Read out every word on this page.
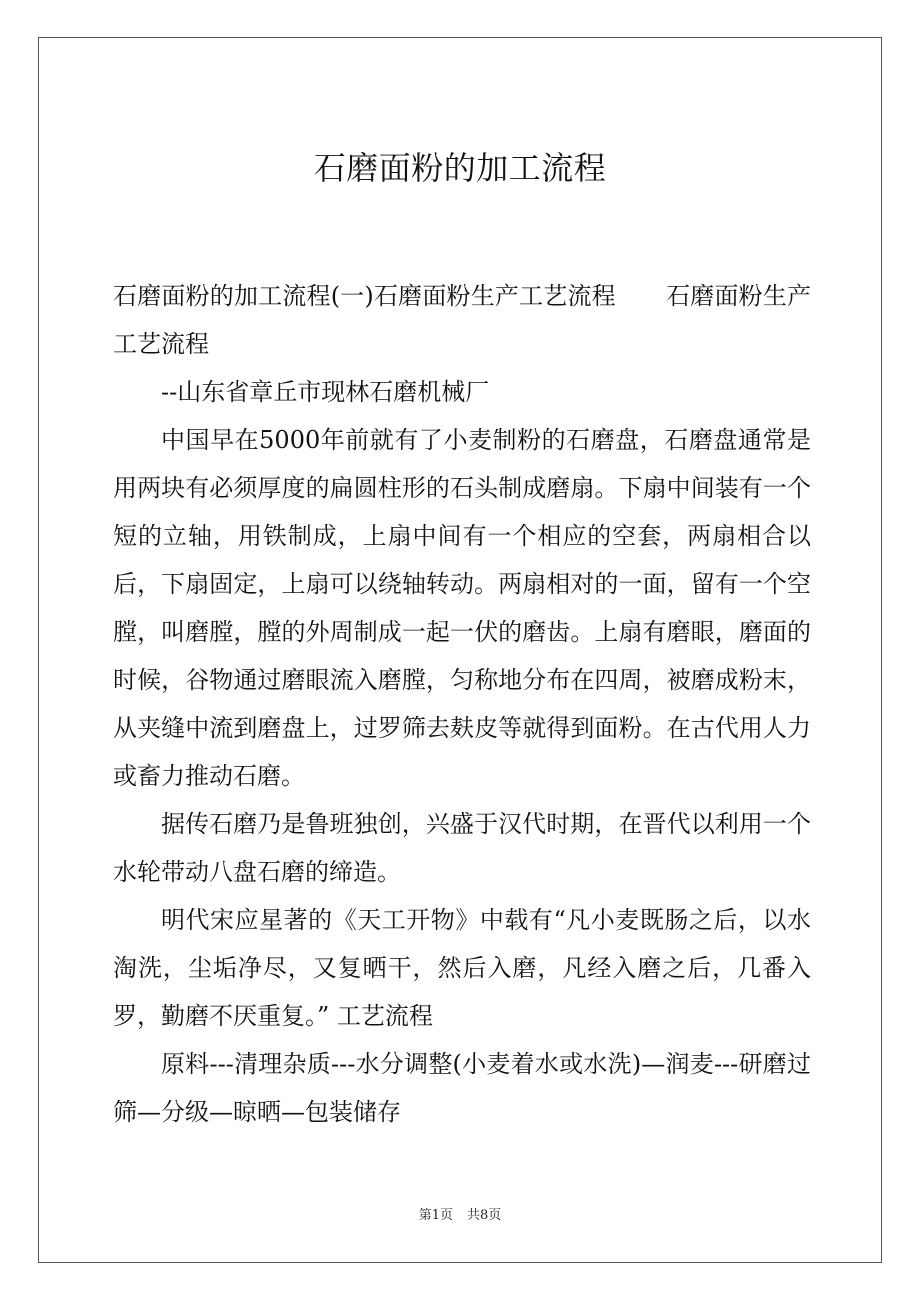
石磨面粉的加工流程

石磨面粉的加工流程(一)石磨面粉生产工艺流程 石磨面粉生产工艺流程

--山东省章丘市现林石磨机械厂

中国早在5000年前就有了小麦制粉的石磨盘，石磨盘通常是用两块有必须厚度的扁圆柱形的石头制成磨扇。下扇中间装有一个短的立轴，用铁制成，上扇中间有一个相应的空套，两扇相合以后，下扇固定，上扇可以绕轴转动。两扇相对的一面，留有一个空膛，叫磨膛，膛的外周制成一起一伏的磨齿。上扇有磨眼，磨面的时候，谷物通过磨眼流入磨膛，匀称地分布在四周，被磨成粉末，从夹缝中流到磨盘上，过罗筛去麸皮等就得到面粉。在古代用人力或畜力推动石磨。

据传石磨乃是鲁班独创，兴盛于汉代时期，在晋代以利用一个水轮带动八盘石磨的缔造。

明代宋应星著的《天工开物》中载有“凡小麦既肠之后，以水淘洗，尘垢净尽，又复晒干，然后入磨，凡经入磨之后，几番入罗，勤磨不厌重复。” 工艺流程

原料---清理杂质---水分调整(小麦着水或水洗)—润麦---研磨过筛—分级—晾晒—包装储存

第1页 共8页
